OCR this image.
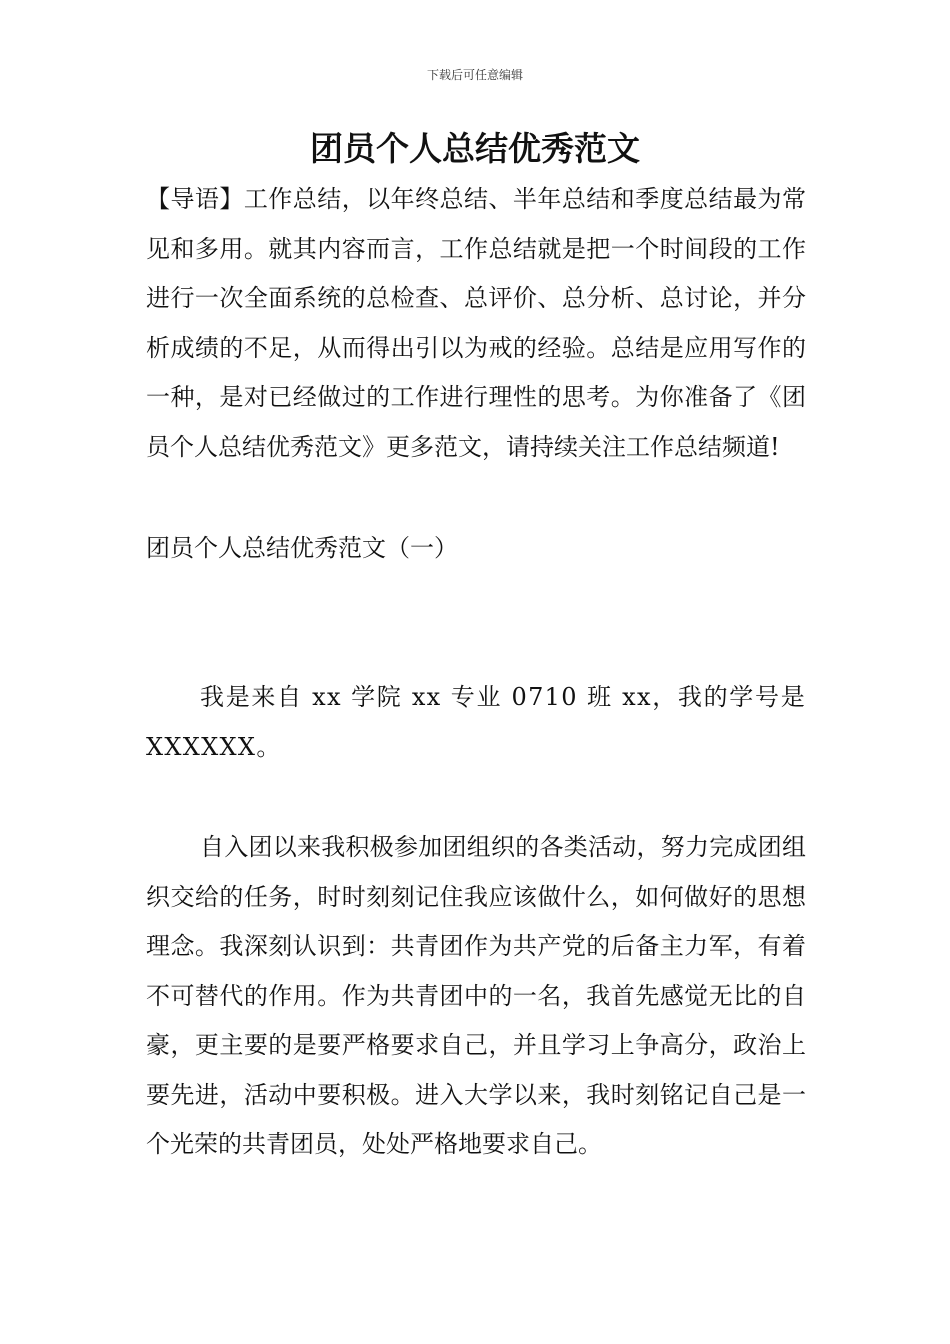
下载后可任意编辑
团员个人总结优秀范文

【导语】工作总结，以年终总结、半年总结和季度总结最为常见和多用。就其内容而言，工作总结就是把一个时间段的工作进行一次全面系统的总检查、总评价、总分析、总讨论，并分析成绩的不足，从而得出引以为戒的经验。总结是应用写作的一种，是对已经做过的工作进行理性的思考。为你准备了《团员个人总结优秀范文》更多范文，请持续关注工作总结频道!

团员个人总结优秀范文（一）

我是来自 xx 学院 xx 专业 0710 班 xx，我的学号是XXXXXX。

自入团以来我积极参加团组织的各类活动，努力完成团组织交给的任务，时时刻刻记住我应该做什么，如何做好的思想理念。我深刻认识到：共青团作为共产党的后备主力军，有着不可替代的作用。作为共青团中的一名，我首先感觉无比的自豪，更主要的是要严格要求自己，并且学习上争高分，政治上要先进，活动中要积极。进入大学以来，我时刻铭记自己是一个光荣的共青团员，处处严格地要求自己。
